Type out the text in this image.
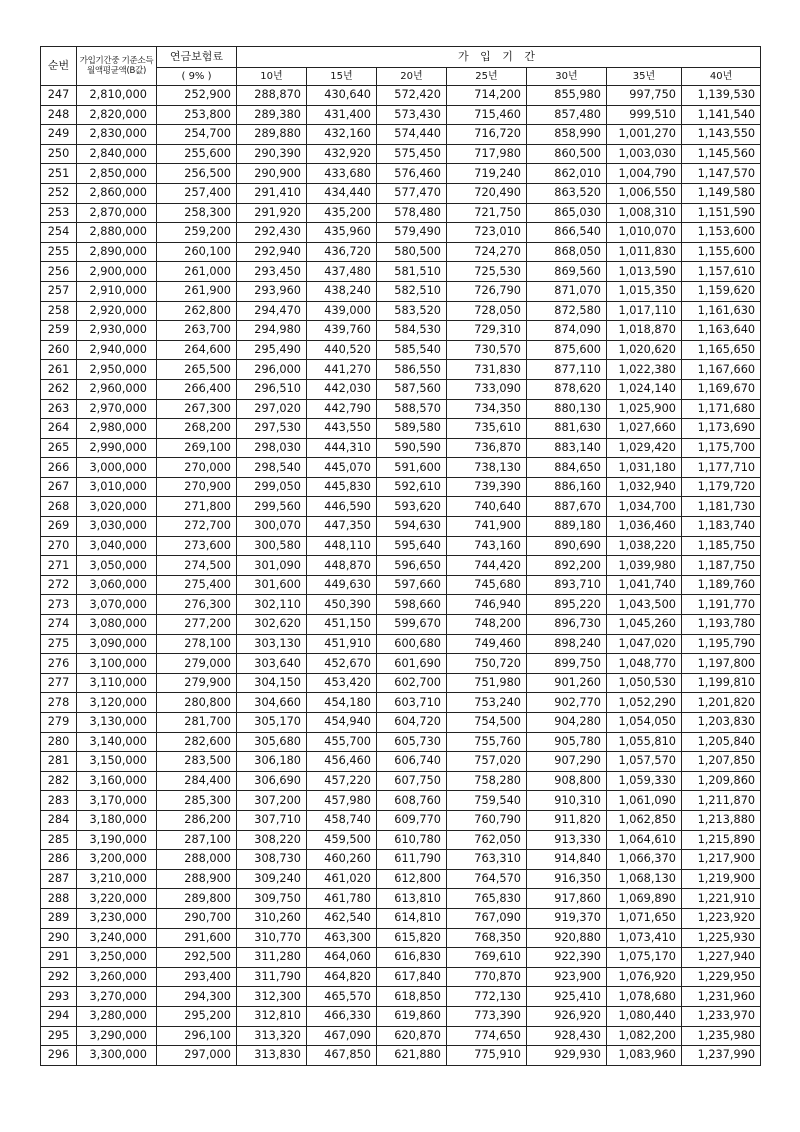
순번	가입기간중 기준소득월액평균액(B값)	연금보험료	가 입 기 간						
		( 9% )	10년	15년	20년	25년	30년	35년	40년
247	2,810,000	252,900	288,870	430,640	572,420	714,200	855,980	997,750	1,139,530
248	2,820,000	253,800	289,380	431,400	573,430	715,460	857,480	999,510	1,141,540
249	2,830,000	254,700	289,880	432,160	574,440	716,720	858,990	1,001,270	1,143,550
250	2,840,000	255,600	290,390	432,920	575,450	717,980	860,500	1,003,030	1,145,560
251	2,850,000	256,500	290,900	433,680	576,460	719,240	862,010	1,004,790	1,147,570
252	2,860,000	257,400	291,410	434,440	577,470	720,490	863,520	1,006,550	1,149,580
253	2,870,000	258,300	291,920	435,200	578,480	721,750	865,030	1,008,310	1,151,590
254	2,880,000	259,200	292,430	435,960	579,490	723,010	866,540	1,010,070	1,153,600
255	2,890,000	260,100	292,940	436,720	580,500	724,270	868,050	1,011,830	1,155,600
256	2,900,000	261,000	293,450	437,480	581,510	725,530	869,560	1,013,590	1,157,610
257	2,910,000	261,900	293,960	438,240	582,510	726,790	871,070	1,015,350	1,159,620
258	2,920,000	262,800	294,470	439,000	583,520	728,050	872,580	1,017,110	1,161,630
259	2,930,000	263,700	294,980	439,760	584,530	729,310	874,090	1,018,870	1,163,640
260	2,940,000	264,600	295,490	440,520	585,540	730,570	875,600	1,020,620	1,165,650
261	2,950,000	265,500	296,000	441,270	586,550	731,830	877,110	1,022,380	1,167,660
262	2,960,000	266,400	296,510	442,030	587,560	733,090	878,620	1,024,140	1,169,670
263	2,970,000	267,300	297,020	442,790	588,570	734,350	880,130	1,025,900	1,171,680
264	2,980,000	268,200	297,530	443,550	589,580	735,610	881,630	1,027,660	1,173,690
265	2,990,000	269,100	298,030	444,310	590,590	736,870	883,140	1,029,420	1,175,700
266	3,000,000	270,000	298,540	445,070	591,600	738,130	884,650	1,031,180	1,177,710
267	3,010,000	270,900	299,050	445,830	592,610	739,390	886,160	1,032,940	1,179,720
268	3,020,000	271,800	299,560	446,590	593,620	740,640	887,670	1,034,700	1,181,730
269	3,030,000	272,700	300,070	447,350	594,630	741,900	889,180	1,036,460	1,183,740
270	3,040,000	273,600	300,580	448,110	595,640	743,160	890,690	1,038,220	1,185,750
271	3,050,000	274,500	301,090	448,870	596,650	744,420	892,200	1,039,980	1,187,750
272	3,060,000	275,400	301,600	449,630	597,660	745,680	893,710	1,041,740	1,189,760
273	3,070,000	276,300	302,110	450,390	598,660	746,940	895,220	1,043,500	1,191,770
274	3,080,000	277,200	302,620	451,150	599,670	748,200	896,730	1,045,260	1,193,780
275	3,090,000	278,100	303,130	451,910	600,680	749,460	898,240	1,047,020	1,195,790
276	3,100,000	279,000	303,640	452,670	601,690	750,720	899,750	1,048,770	1,197,800
277	3,110,000	279,900	304,150	453,420	602,700	751,980	901,260	1,050,530	1,199,810
278	3,120,000	280,800	304,660	454,180	603,710	753,240	902,770	1,052,290	1,201,820
279	3,130,000	281,700	305,170	454,940	604,720	754,500	904,280	1,054,050	1,203,830
280	3,140,000	282,600	305,680	455,700	605,730	755,760	905,780	1,055,810	1,205,840
281	3,150,000	283,500	306,180	456,460	606,740	757,020	907,290	1,057,570	1,207,850
282	3,160,000	284,400	306,690	457,220	607,750	758,280	908,800	1,059,330	1,209,860
283	3,170,000	285,300	307,200	457,980	608,760	759,540	910,310	1,061,090	1,211,870
284	3,180,000	286,200	307,710	458,740	609,770	760,790	911,820	1,062,850	1,213,880
285	3,190,000	287,100	308,220	459,500	610,780	762,050	913,330	1,064,610	1,215,890
286	3,200,000	288,000	308,730	460,260	611,790	763,310	914,840	1,066,370	1,217,900
287	3,210,000	288,900	309,240	461,020	612,800	764,570	916,350	1,068,130	1,219,900
288	3,220,000	289,800	309,750	461,780	613,810	765,830	917,860	1,069,890	1,221,910
289	3,230,000	290,700	310,260	462,540	614,810	767,090	919,370	1,071,650	1,223,920
290	3,240,000	291,600	310,770	463,300	615,820	768,350	920,880	1,073,410	1,225,930
291	3,250,000	292,500	311,280	464,060	616,830	769,610	922,390	1,075,170	1,227,940
292	3,260,000	293,400	311,790	464,820	617,840	770,870	923,900	1,076,920	1,229,950
293	3,270,000	294,300	312,300	465,570	618,850	772,130	925,410	1,078,680	1,231,960
294	3,280,000	295,200	312,810	466,330	619,860	773,390	926,920	1,080,440	1,233,970
295	3,290,000	296,100	313,320	467,090	620,870	774,650	928,430	1,082,200	1,235,980
296	3,300,000	297,000	313,830	467,850	621,880	775,910	929,930	1,083,960	1,237,990
